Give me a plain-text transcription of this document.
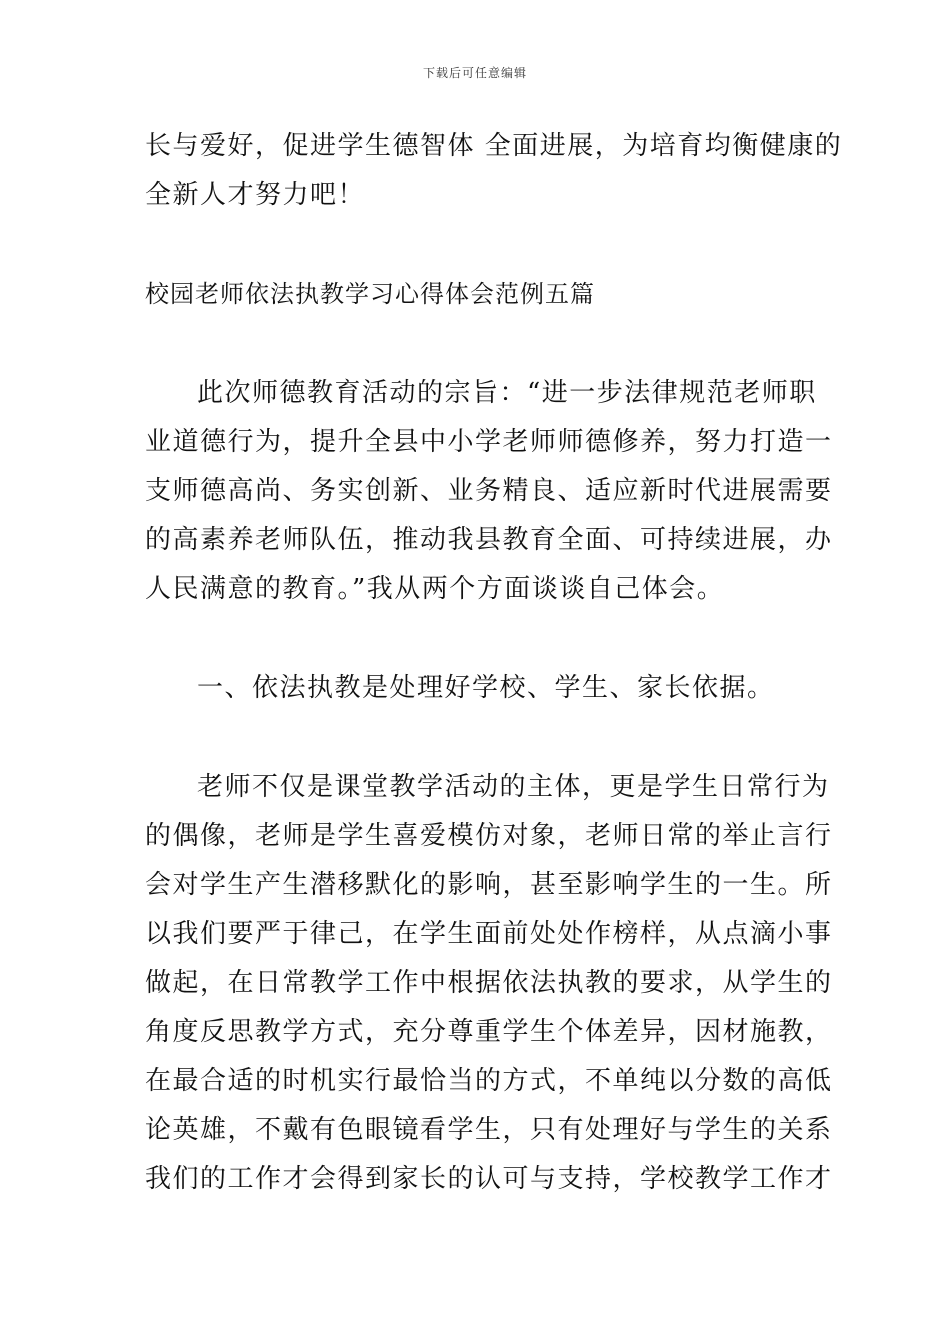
下载后可任意编辑
长与爱好，促进学生德智体 全面进展，为培育均衡健康的
全新人才努力吧！
校园老师依法执教学习心得体会范例五篇
此次师德教育活动的宗旨：“进一步法律规范老师职
业道德行为，提升全县中小学老师师德修养，努力打造一
支师德高尚、务实创新、业务精良、适应新时代进展需要
的高素养老师队伍，推动我县教育全面、可持续进展，办
人民满意的教育。”我从两个方面谈谈自己体会。
一、依法执教是处理好学校、学生、家长依据。
老师不仅是课堂教学活动的主体，更是学生日常行为
的偶像，老师是学生喜爱模仿对象，老师日常的举止言行
会对学生产生潜移默化的影响，甚至影响学生的一生。所
以我们要严于律己，在学生面前处处作榜样，从点滴小事
做起，在日常教学工作中根据依法执教的要求，从学生的
角度反思教学方式，充分尊重学生个体差异，因材施教，
在最合适的时机实行最恰当的方式，不单纯以分数的高低
论英雄，不戴有色眼镜看学生，只有处理好与学生的关系
我们的工作才会得到家长的认可与支持，学校教学工作才
